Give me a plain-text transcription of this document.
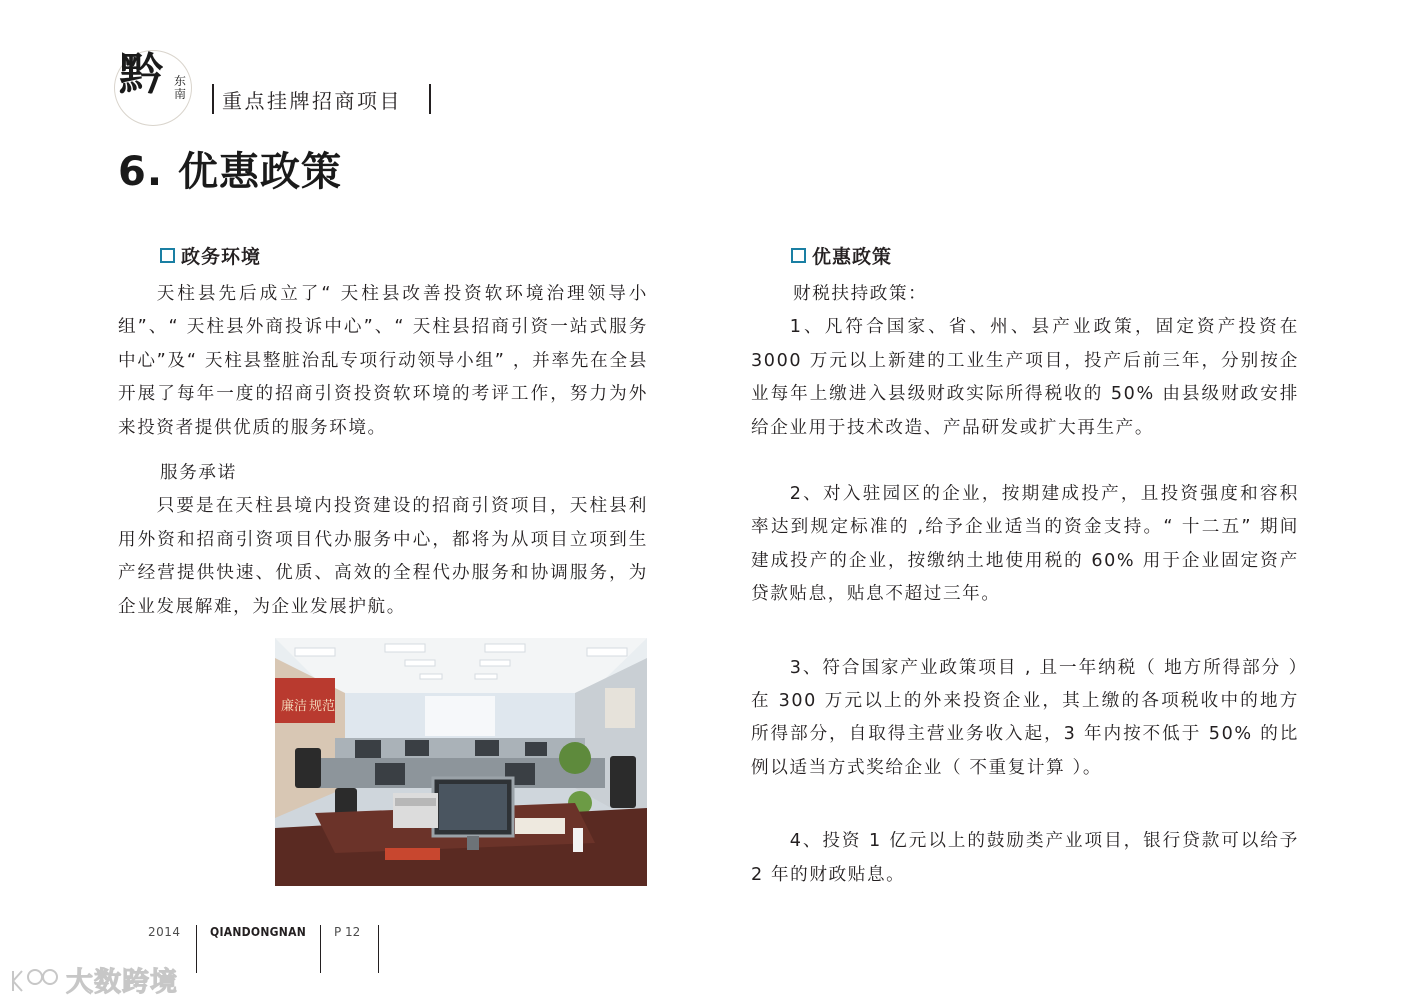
黔 东南 重点挂牌招商项目
6. 优惠政策
政务环境

天柱县先后成立了“ 天柱县改善投资软环境治理领导小组”、“ 天柱县外商投诉中心”、“ 天柱县招商引资一站式服务中心”及“ 天柱县整脏治乱专项行动领导小组” ，并率先在全县开展了每年一度的招商引资投资软环境的考评工作，努力为外来投资者提供优质的服务环境。

服务承诺

只要是在天柱县境内投资建设的招商引资项目，天柱县利用外资和招商引资项目代办服务中心，都将为从项目立项到生产经营提供快速、优质、高效的全程代办服务和协调服务，为企业发展解难，为企业发展护航。

廉洁 规范
优惠政策

财税扶持政策：

1、凡符合国家、省、州、县产业政策，固定资产投资在 3000 万元以上新建的工业生产项目，投产后前三年，分别按企业每年上缴进入县级财政实际所得税收的 50% 由县级财政安排给企业用于技术改造、产品研发或扩大再生产。

2、对入驻园区的企业，按期建成投产，且投资强度和容积率达到规定标准的 ,给予企业适当的资金支持。“ 十二五” 期间建成投产的企业，按缴纳土地使用税的 60% 用于企业固定资产贷款贴息，贴息不超过三年。

3、符合国家产业政策项目 , 且一年纳税（ 地方所得部分 ）在 300 万元以上的外来投资企业，其上缴的各项税收中的地方所得部分，自取得主营业务收入起，3 年内按不低于 50% 的比例以适当方式奖给企业（ 不重复计算 ）。

4、投资 1 亿元以上的鼓励类产业项目，银行贷款可以给予 2 年的财政贴息。

2014 QIANDONGNAN P 12
大数跨境
